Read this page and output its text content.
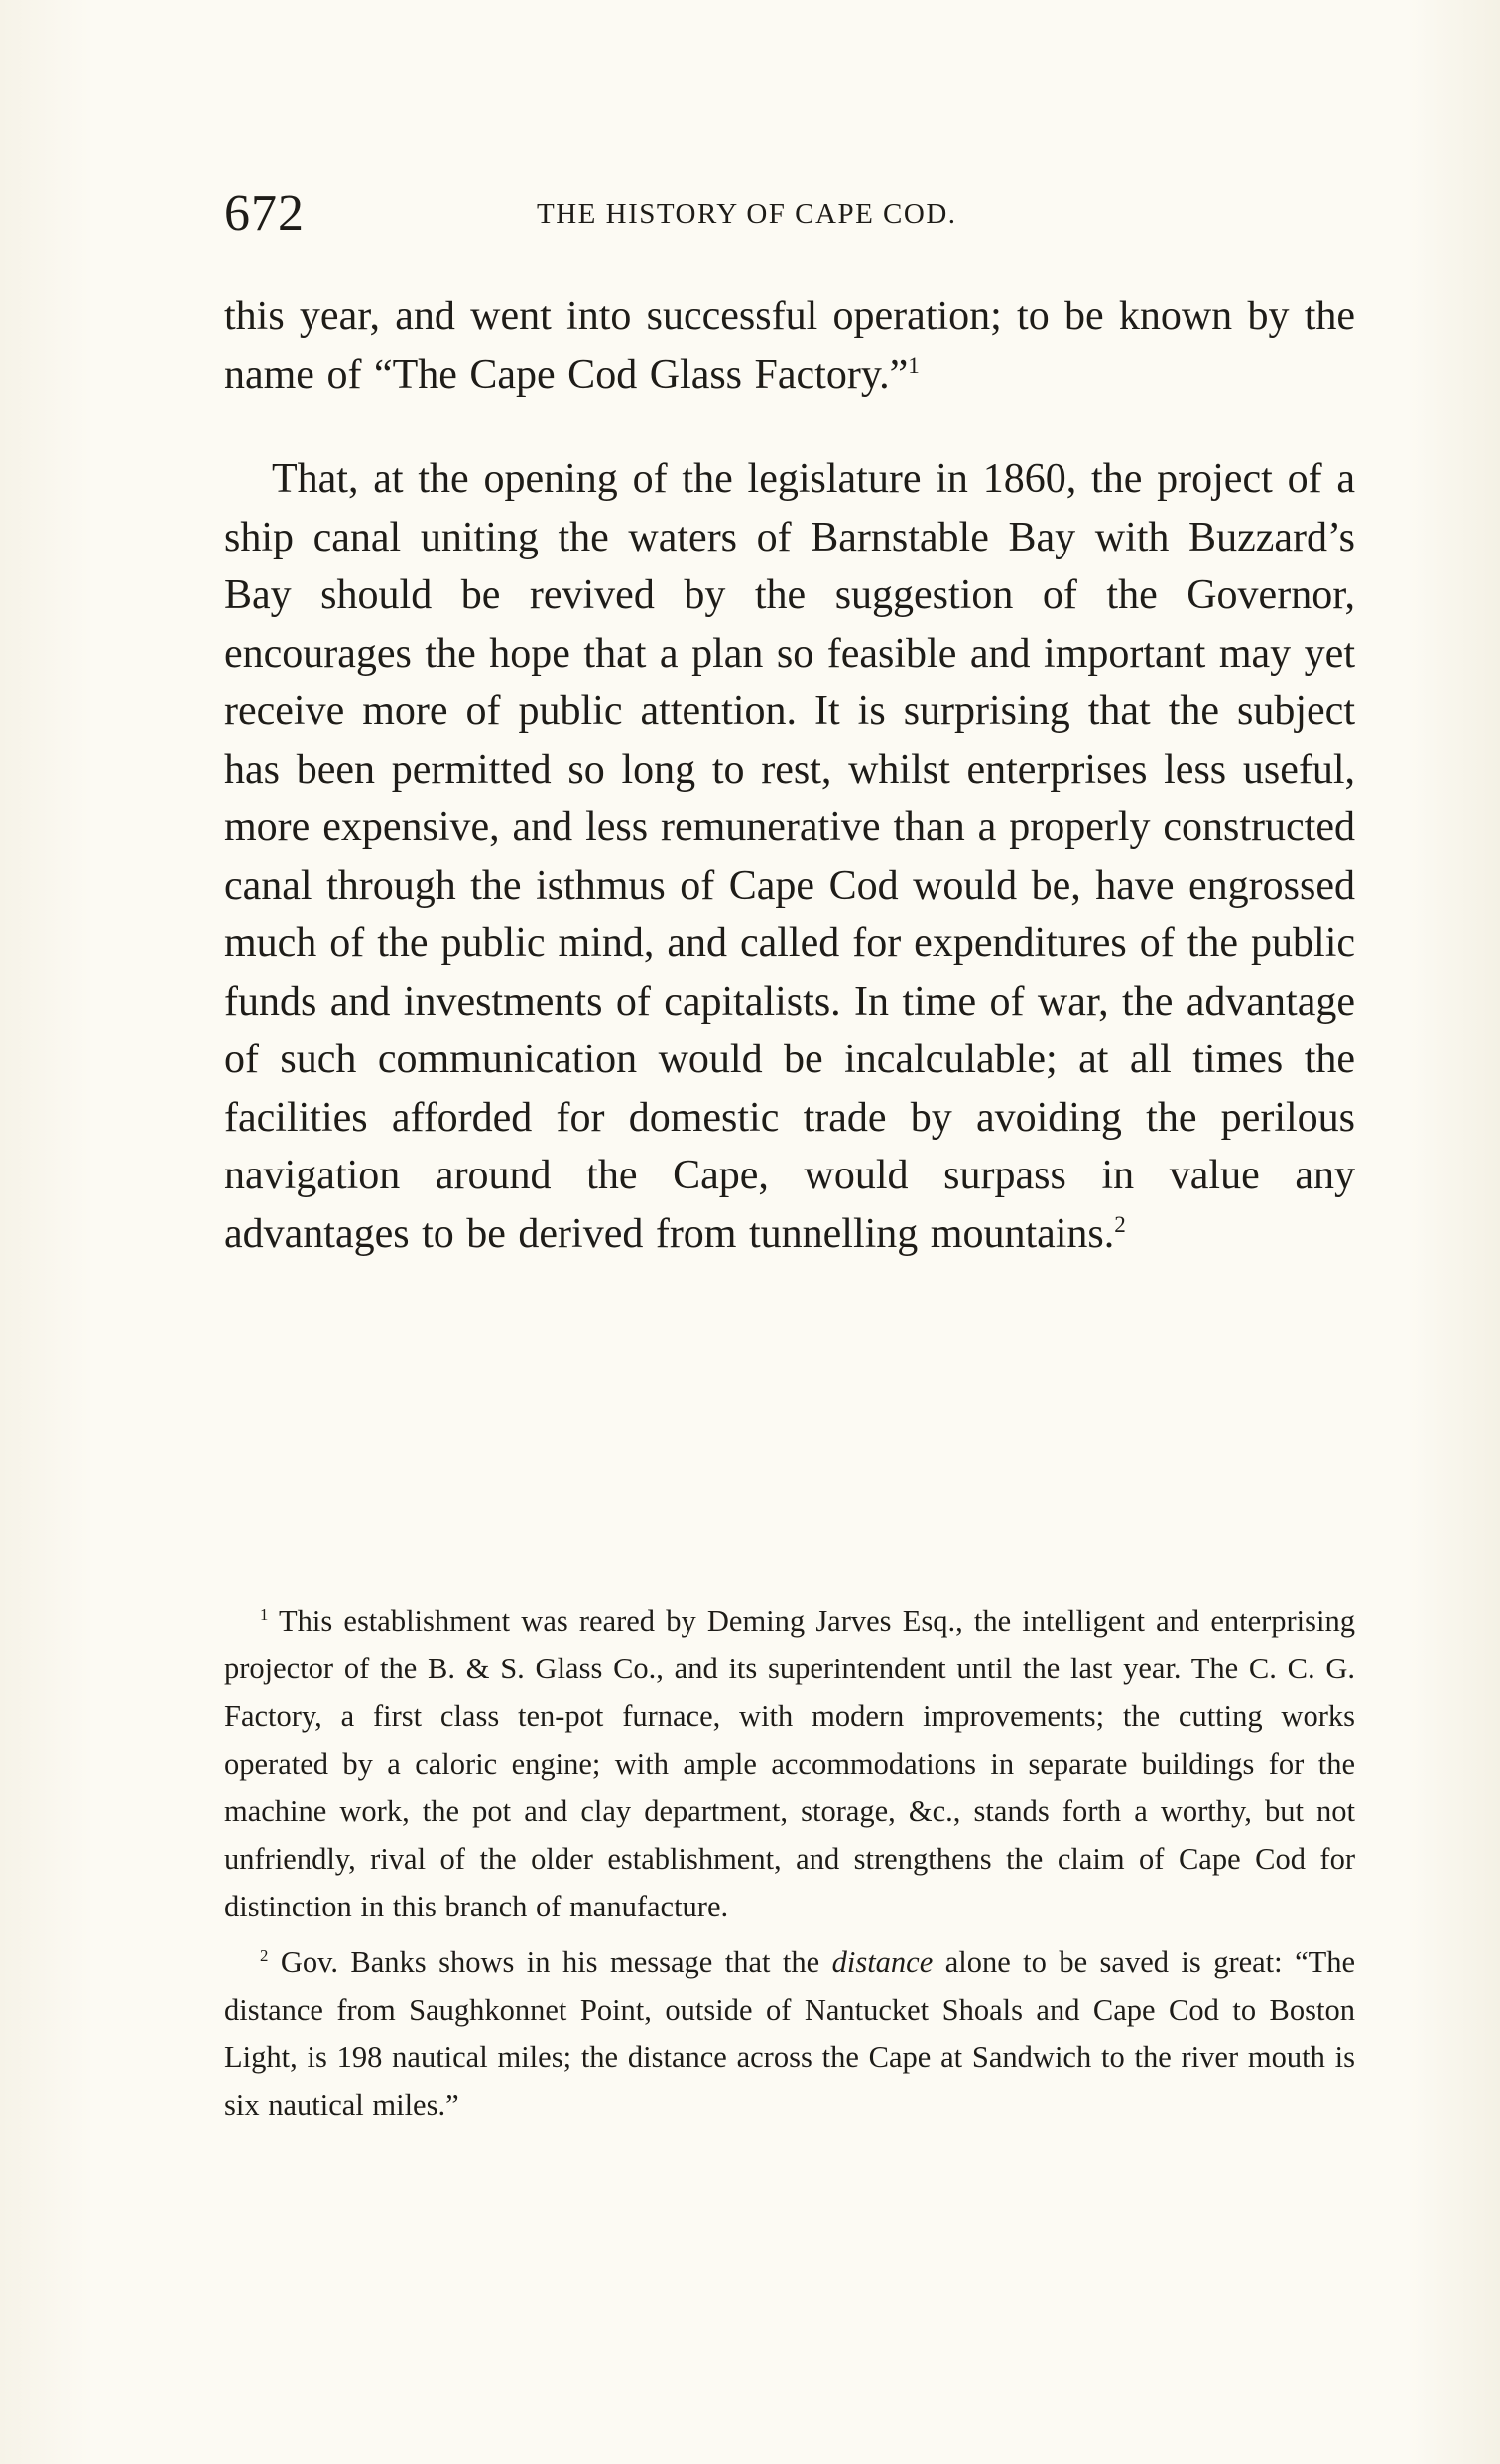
672	THE HISTORY OF CAPE COD.

this year, and went into successful operation; to be known by the name of “The Cape Cod Glass Factory.”$^1$

That, at the opening of the legislature in 1860, the project of a ship canal uniting the waters of Barnstable Bay with Buzzard’s Bay should be revived by the suggestion of the Governor, encourages the hope that a plan so feasible and important may yet receive more of public attention. It is surprising that the subject has been permitted so long to rest, whilst enterprises less useful, more expensive, and less remunerative than a properly constructed canal through the isthmus of Cape Cod would be, have engrossed much of the public mind, and called for expenditures of the public funds and investments of capitalists. In time of war, the advantage of such communication would be incalculable; at all times the facilities afforded for domestic trade by avoiding the perilous navigation around the Cape, would surpass in value any advantages to be derived from tunnelling mountains.$^2$

$^1$ This establishment was reared by Deming Jarves Esq., the intelligent and enterprising projector of the B. & S. Glass Co., and its superintendent until the last year. The C. C. G. Factory, a first class ten-pot furnace, with modern improvements; the cutting works operated by a caloric engine; with ample accommodations in separate buildings for the machine work, the pot and clay department, storage, &c., stands forth a worthy, but not unfriendly, rival of the older establishment, and strengthens the claim of Cape Cod for distinction in this branch of manufacture.

$^2$ Gov. Banks shows in his message that the distance alone to be saved is great: “The distance from Saughkonnet Point, outside of Nantucket Shoals and Cape Cod to Boston Light, is 198 nautical miles; the distance across the Cape at Sandwich to the river mouth is six nautical miles.”
